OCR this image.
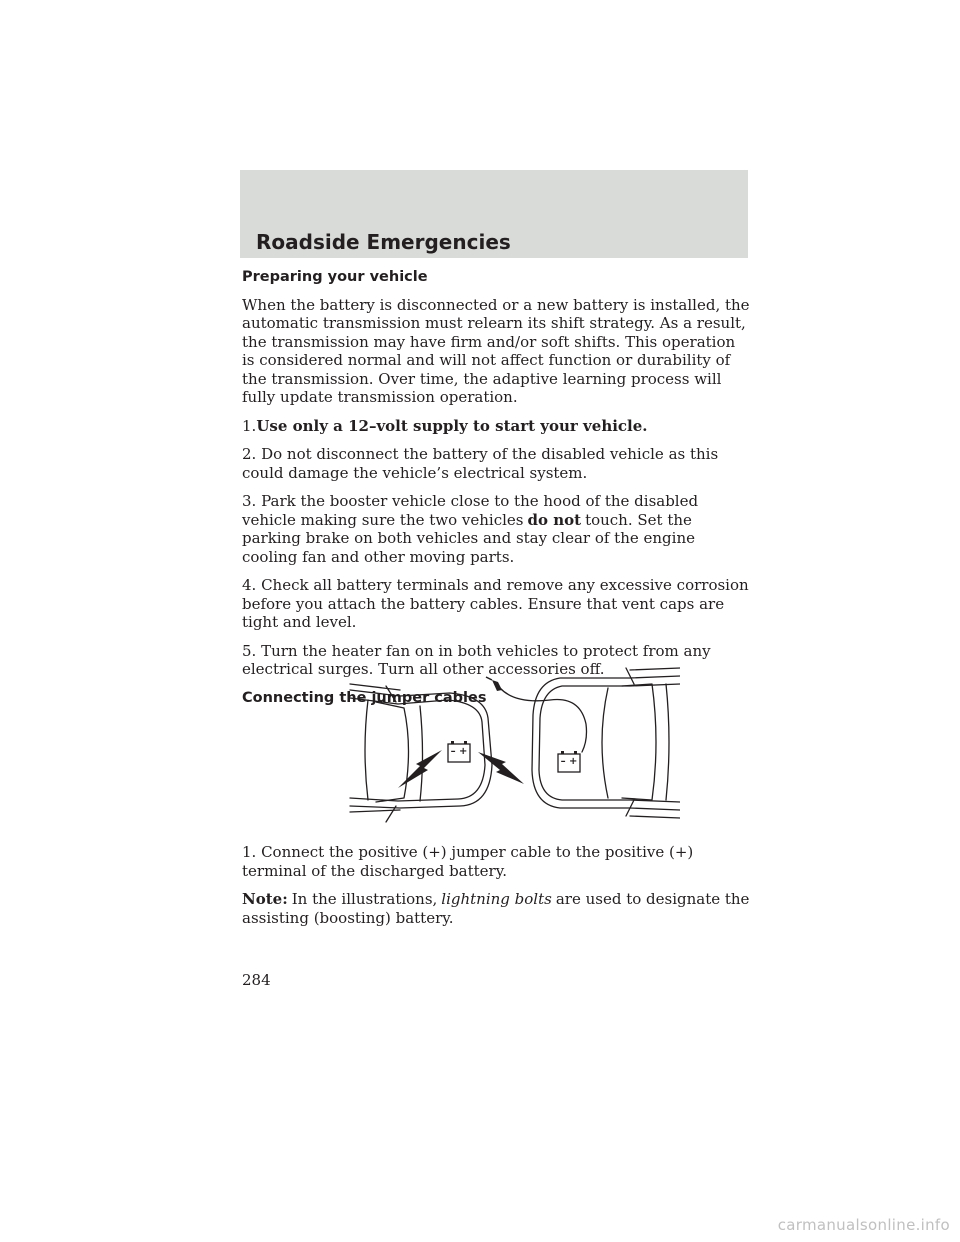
Roadside Emergencies
Preparing your vehicle

When the battery is disconnected or a new battery is installed, the automatic transmission must relearn its shift strategy. As a result, the transmission may have firm and/or soft shifts. This operation is considered normal and will not affect function or durability of the transmission. Over time, the adaptive learning process will fully update transmission operation.

1.Use only a 12–volt supply to start your vehicle.

2. Do not disconnect the battery of the disabled vehicle as this could damage the vehicle’s electrical system.

3. Park the booster vehicle close to the hood of the disabled vehicle making sure the two vehicles do not touch. Set the parking brake on both vehicles and stay clear of the engine cooling fan and other moving parts.

4. Check all battery terminals and remove any excessive corrosion before you attach the battery cables. Ensure that vent caps are tight and level.

5. Turn the heater fan on in both vehicles to protect from any electrical surges. Turn all other accessories off.

Connecting the jumper cables
– +
– +

1. Connect the positive (+) jumper cable to the positive (+) terminal of the discharged battery.

Note: In the illustrations, lightning bolts are used to designate the assisting (boosting) battery.

284
carmanualsonline.info
